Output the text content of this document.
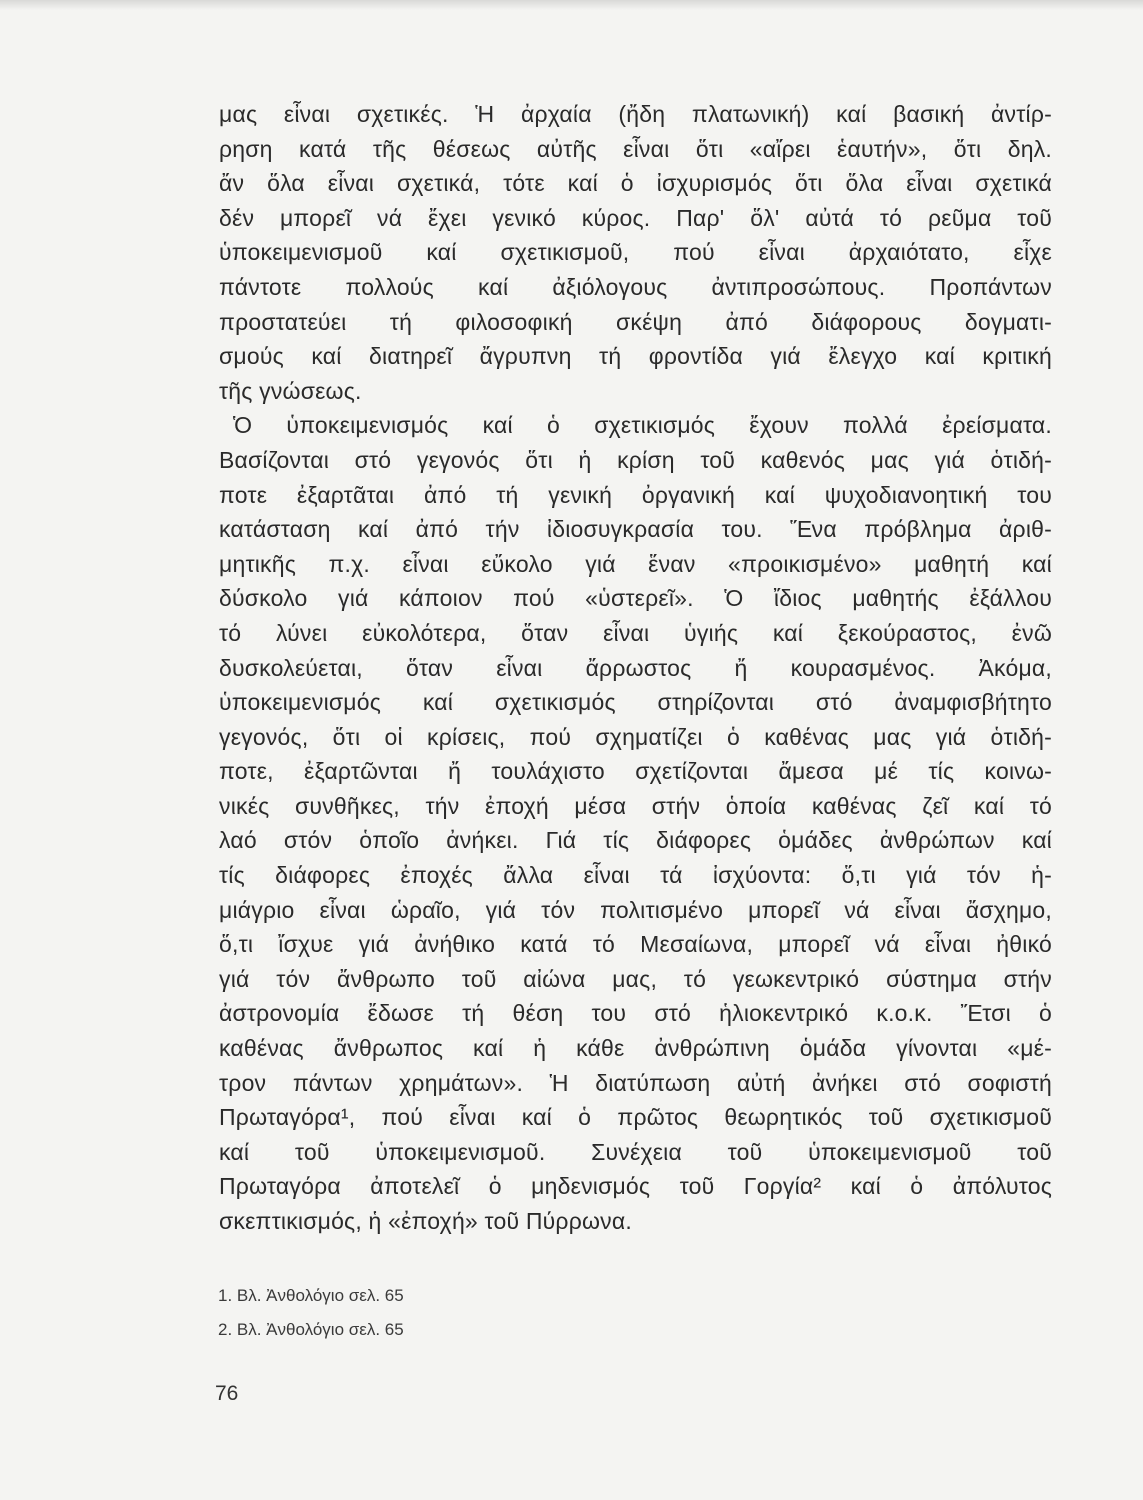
μας εἶναι σχετικές. Ἡ ἀρχαία (ἤδη πλατωνική) καί βασική ἀντίρ-
ρηση κατά τῆς θέσεως αὐτῆς εἶναι ὅτι «αἴρει ἑαυτήν», ὅτι δηλ.
ἄν ὅλα εἶναι σχετικά, τότε καί ὁ ἰσχυρισμός ὅτι ὅλα εἶναι σχετικά
δέν μπορεῖ νά ἔχει γενικό κύρος. Παρ' ὅλ' αὐτά τό ρεῦμα τοῦ
ὑποκειμενισμοῦ καί σχετικισμοῦ, πού εἶναι ἀρχαιότατο, εἶχε
πάντοτε πολλούς καί ἀξιόλογους ἀντιπροσώπους. Προπάντων
προστατεύει τή φιλοσοφική σκέψη ἀπό διάφορους δογματι-
σμούς καί διατηρεῖ ἄγρυπνη τή φροντίδα γιά ἔλεγχο καί κριτική
τῆς γνώσεως.
Ὁ ὑποκειμενισμός καί ὁ σχετικισμός ἔχουν πολλά ἐρείσματα.
Βασίζονται στό γεγονός ὅτι ἡ κρίση τοῦ καθενός μας γιά ὁτιδή-
ποτε ἐξαρτᾶται ἀπό τή γενική ὀργανική καί ψυχοδιανοητική του
κατάσταση καί ἀπό τήν ἰδιοσυγκρασία του. Ἕνα πρόβλημα ἀριθ-
μητικῆς π.χ. εἶναι εὔκολο γιά ἕναν «προικισμένο» μαθητή καί
δύσκολο γιά κάποιον πού «ὑστερεῖ». Ὁ ἴδιος μαθητής ἐξάλλου
τό λύνει εὐκολότερα, ὅταν εἶναι ὑγιής καί ξεκούραστος, ἐνῶ
δυσκολεύεται, ὅταν εἶναι ἄρρωστος ἤ κουρασμένος. Ἀκόμα,
ὑποκειμενισμός καί σχετικισμός στηρίζονται στό ἀναμφισβήτητο
γεγονός, ὅτι οἱ κρίσεις, πού σχηματίζει ὁ καθένας μας γιά ὁτιδή-
ποτε, ἐξαρτῶνται ἤ τουλάχιστο σχετίζονται ἄμεσα μέ τίς κοινω-
νικές συνθῆκες, τήν ἐποχή μέσα στήν ὁποία καθένας ζεῖ καί τό
λαό στόν ὁποῖο ἀνήκει. Γιά τίς διάφορες ὁμάδες ἀνθρώπων καί
τίς διάφορες ἐποχές ἄλλα εἶναι τά ἰσχύοντα: ὅ,τι γιά τόν ἡ-
μιάγριο εἶναι ὡραῖο, γιά τόν πολιτισμένο μπορεῖ νά εἶναι ἄσχημο,
ὅ,τι ἴσχυε γιά ἀνήθικο κατά τό Μεσαίωνα, μπορεῖ νά εἶναι ἠθικό
γιά τόν ἄνθρωπο τοῦ αἰώνα μας, τό γεωκεντρικό σύστημα στήν
ἀστρονομία ἔδωσε τή θέση του στό ἡλιοκεντρικό κ.ο.κ. Ἔτσι ὁ
καθένας ἄνθρωπος καί ἡ κάθε ἀνθρώπινη ὁμάδα γίνονται «μέ-
τρον πάντων χρημάτων». Ἡ διατύπωση αὐτή ἀνήκει στό σοφιστή
Πρωταγόρα¹, πού εἶναι καί ὁ πρῶτος θεωρητικός τοῦ σχετικισμοῦ
καί τοῦ ὑποκειμενισμοῦ. Συνέχεια τοῦ ὑποκειμενισμοῦ τοῦ
Πρωταγόρα ἀποτελεῖ ὁ μηδενισμός τοῦ Γοργία² καί ὁ ἀπόλυτος
σκεπτικισμός, ἡ «ἐποχή» τοῦ Πύρρωνα.
1. Βλ. Ἀνθολόγιο σελ. 65
2. Βλ. Ἀνθολόγιο σελ. 65
76
